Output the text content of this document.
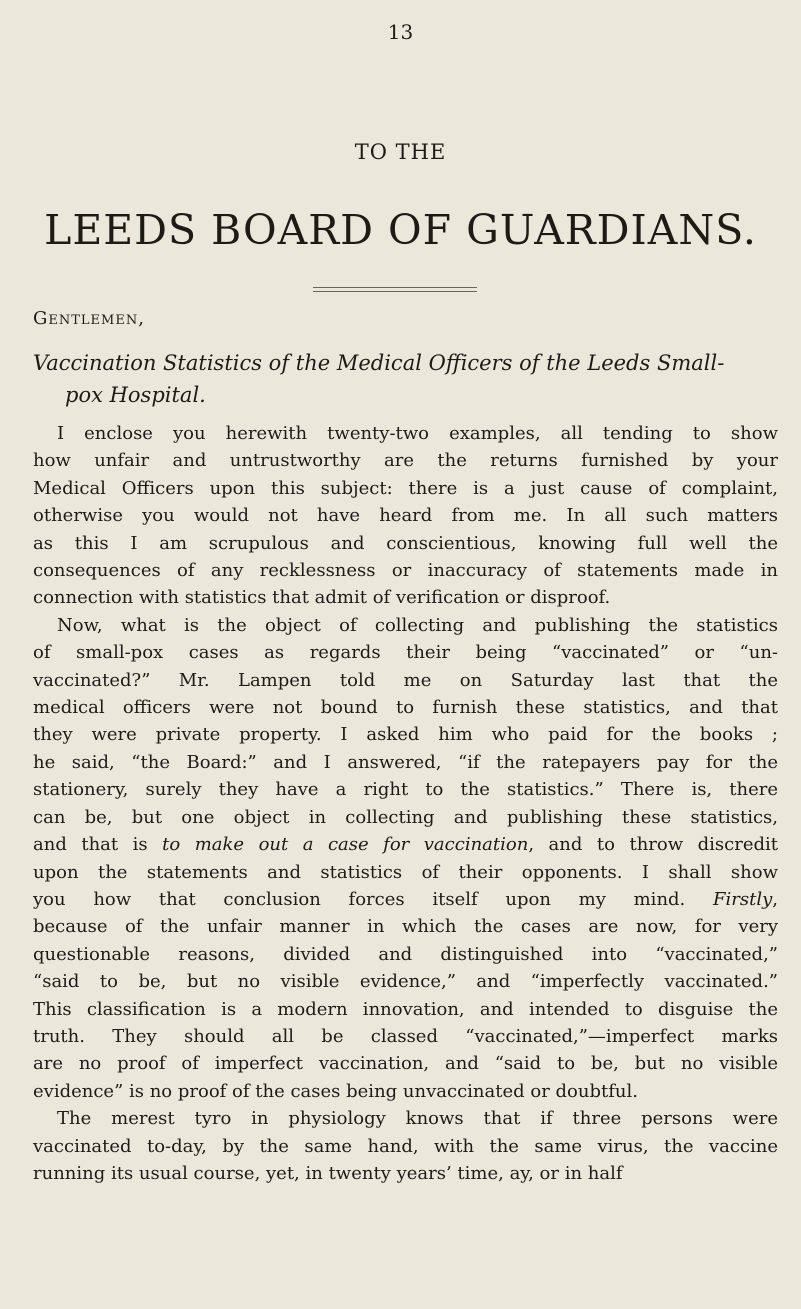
13
TO THE
LEEDS BOARD OF GUARDIANS.
Gentlemen,
Vaccination Statistics of the Medical Officers of the Leeds Small-
pox Hospital.
I enclose you herewith twenty-two examples, all tending to show
how unfair and untrustworthy are the returns furnished by your
Medical Officers upon this subject: there is a just cause of complaint,
otherwise you would not have heard from me. In all such matters
as this I am scrupulous and conscientious, knowing full well the
consequences of any recklessness or inaccuracy of statements made in
connection with statistics that admit of verification or disproof.
Now, what is the object of collecting and publishing the statistics
of small-pox cases as regards their being “vaccinated” or “un-
vaccinated?” Mr. Lampen told me on Saturday last that the
medical officers were not bound to furnish these statistics, and that
they were private property. I asked him who paid for the books ;
he said, “the Board:” and I answered, “if the ratepayers pay for the
stationery, surely they have a right to the statistics.” There is, there
can be, but one object in collecting and publishing these statistics,
and that is to make out a case for vaccination, and to throw discredit
upon the statements and statistics of their opponents. I shall show
you how that conclusion forces itself upon my mind. Firstly,
because of the unfair manner in which the cases are now, for very
questionable reasons, divided and distinguished into “vaccinated,”
“said to be, but no visible evidence,” and “imperfectly vaccinated.”
This classification is a modern innovation, and intended to disguise the
truth. They should all be classed “vaccinated,”—imperfect marks
are no proof of imperfect vaccination, and “said to be, but no visible
evidence” is no proof of the cases being unvaccinated or doubtful.
The merest tyro in physiology knows that if three persons were
vaccinated to-day, by the same hand, with the same virus, the vaccine
running its usual course, yet, in twenty years’ time, ay, or in half
